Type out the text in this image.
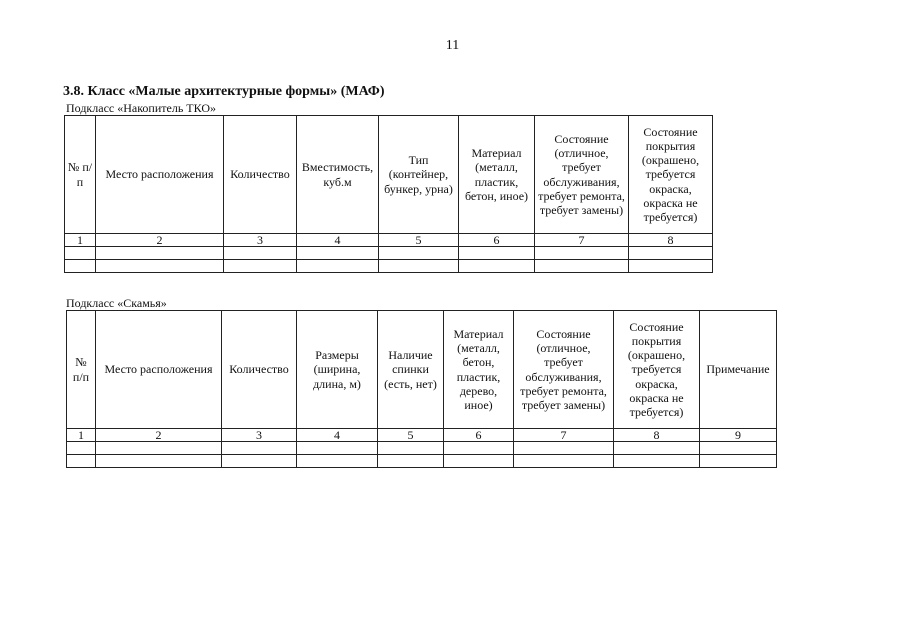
11
3.8. Класс «Малые архитектурные формы» (МАФ)
Подкласс «Накопитель ТКО»
№ п/п	Место расположения	Количество	Вместимость, куб.м	Тип (контейнер, бункер, урна)	Материал (металл, пластик, бетон, иное)	Состояние (отличное, требует обслуживания, требует ремонта, требует замены)	Состояние покрытия (окрашено, требуется окраска, окраска не требуется)
1	2	3	4	5	6	7	8

Подкласс «Скамья»
№ п/п	Место расположения	Количество	Размеры (ширина, длина, м)	Наличие спинки (есть, нет)	Материал (металл, бетон, пластик, дерево, иное)	Состояние (отличное, требует обслуживания, требует ремонта, требует замены)	Состояние покрытия (окрашено, требуется окраска, окраска не требуется)	Примечание
1	2	3	4	5	6	7	8	9
